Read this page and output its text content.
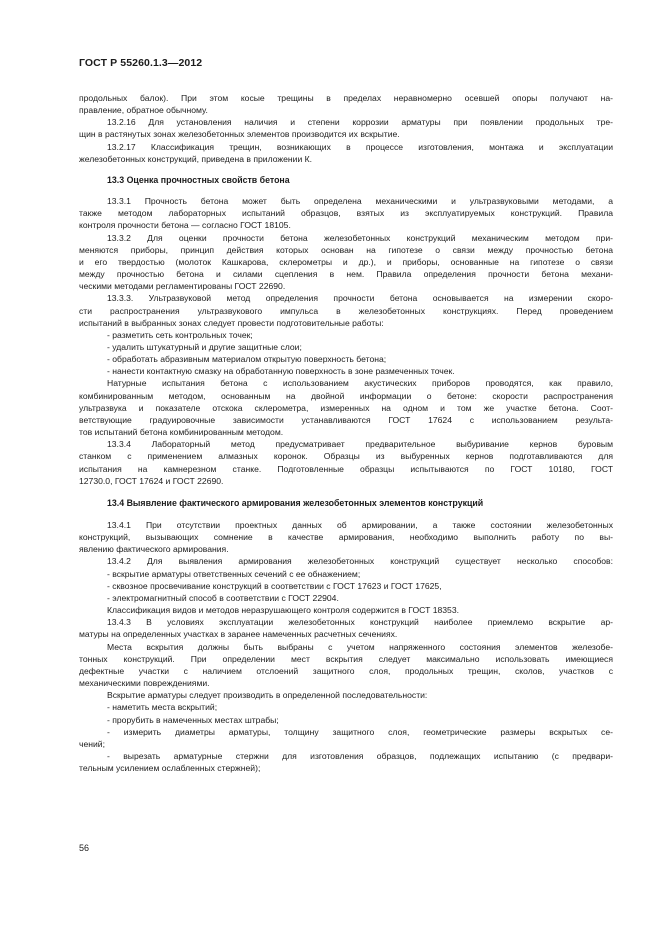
ГОСТ Р 55260.1.3—2012
продольных балок). При этом косые трещины в пределах неравномерно осевшей опоры получают на-
правление, обратное обычному.
13.2.16 Для установления наличия и степени коррозии арматуры при появлении продольных тре-
щин в растянутых зонах железобетонных элементов производится их вскрытие.
13.2.17 Классификация трещин, возникающих в процессе изготовления, монтажа и эксплуатации
железобетонных конструкций, приведена в приложении К.
13.3 Оценка прочностных свойств бетона
13.3.1 Прочность бетона может быть определена механическими и ультразвуковыми методами, а
также методом лабораторных испытаний образцов, взятых из эксплуатируемых конструкций. Правила
контроля прочности бетона — согласно ГОСТ 18105.
13.3.2 Для оценки прочности бетона железобетонных конструкций механическим методом при-
меняются приборы, принцип действия которых основан на гипотезе о связи между прочностью бетона
и его твердостью (молоток Кашкарова, склерометры и др.), и приборы, основанные на гипотезе о связи
между прочностью бетона и силами сцепления в нем. Правила определения прочности бетона механи-
ческими методами регламентированы ГОСТ 22690.
13.3.3. Ультразвуковой метод определения прочности бетона основывается на измерении скоро-
сти распространения ультразвукового импульса в железобетонных конструкциях. Перед проведением
испытаний в выбранных зонах следует провести подготовительные работы:
- разметить сеть контрольных точек;
- удалить штукатурный и другие защитные слои;
- обработать абразивным материалом открытую поверхность бетона;
- нанести контактную смазку на обработанную поверхность в зоне размеченных точек.
Натурные испытания бетона с использованием акустических приборов проводятся, как правило,
комбинированным методом, основанным на двойной информации о бетоне: скорости распространения
ультразвука и показателе отскока склерометра, измеренных на одном и том же участке бетона. Соот-
ветствующие градуировочные зависимости устанавливаются ГОСТ 17624 с использованием результа-
тов испытаний бетона комбинированным методом.
13.3.4 Лабораторный метод предусматривает предварительное выбуривание кернов буровым
станком с применением алмазных коронок. Образцы из выбуренных кернов подготавливаются для
испытания на камнерезном станке. Подготовленные образцы испытываются по ГОСТ 10180, ГОСТ
12730.0, ГОСТ 17624 и ГОСТ 22690.
13.4 Выявление фактического армирования железобетонных элементов конструкций
13.4.1 При отсутствии проектных данных об армировании, а также состоянии железобетонных
конструкций, вызывающих сомнение в качестве армирования, необходимо выполнить работу по вы-
явлению фактического армирования.
13.4.2 Для выявления армирования железобетонных конструкций существует несколько способов:
- вскрытие арматуры ответственных сечений с ее обнажением;
- сквозное просвечивание конструкций в соответствии с ГОСТ 17623 и ГОСТ 17625,
- электромагнитный способ в соответствии с ГОСТ 22904.
Классификация видов и методов неразрушающего контроля содержится в ГОСТ 18353.
13.4.3 В условиях эксплуатации железобетонных конструкций наиболее приемлемо вскрытие ар-
матуры на определенных участках в заранее намеченных расчетных сечениях.
Места вскрытия должны быть выбраны с учетом напряженного состояния элементов железобе-
тонных конструкций. При определении мест вскрытия следует максимально использовать имеющиеся
дефектные участки с наличием отслоений защитного слоя, продольных трещин, сколов, участков с
механическими повреждениями.
Вскрытие арматуры следует производить в определенной последовательности:
- наметить места вскрытий;
- прорубить в намеченных местах штрабы;
- измерить диаметры арматуры, толщину защитного слоя, геометрические размеры вскрытых се-
чений;
- вырезать арматурные стержни для изготовления образцов, подлежащих испытанию (с предвари-
тельным усилением ослабленных стержней);
56
